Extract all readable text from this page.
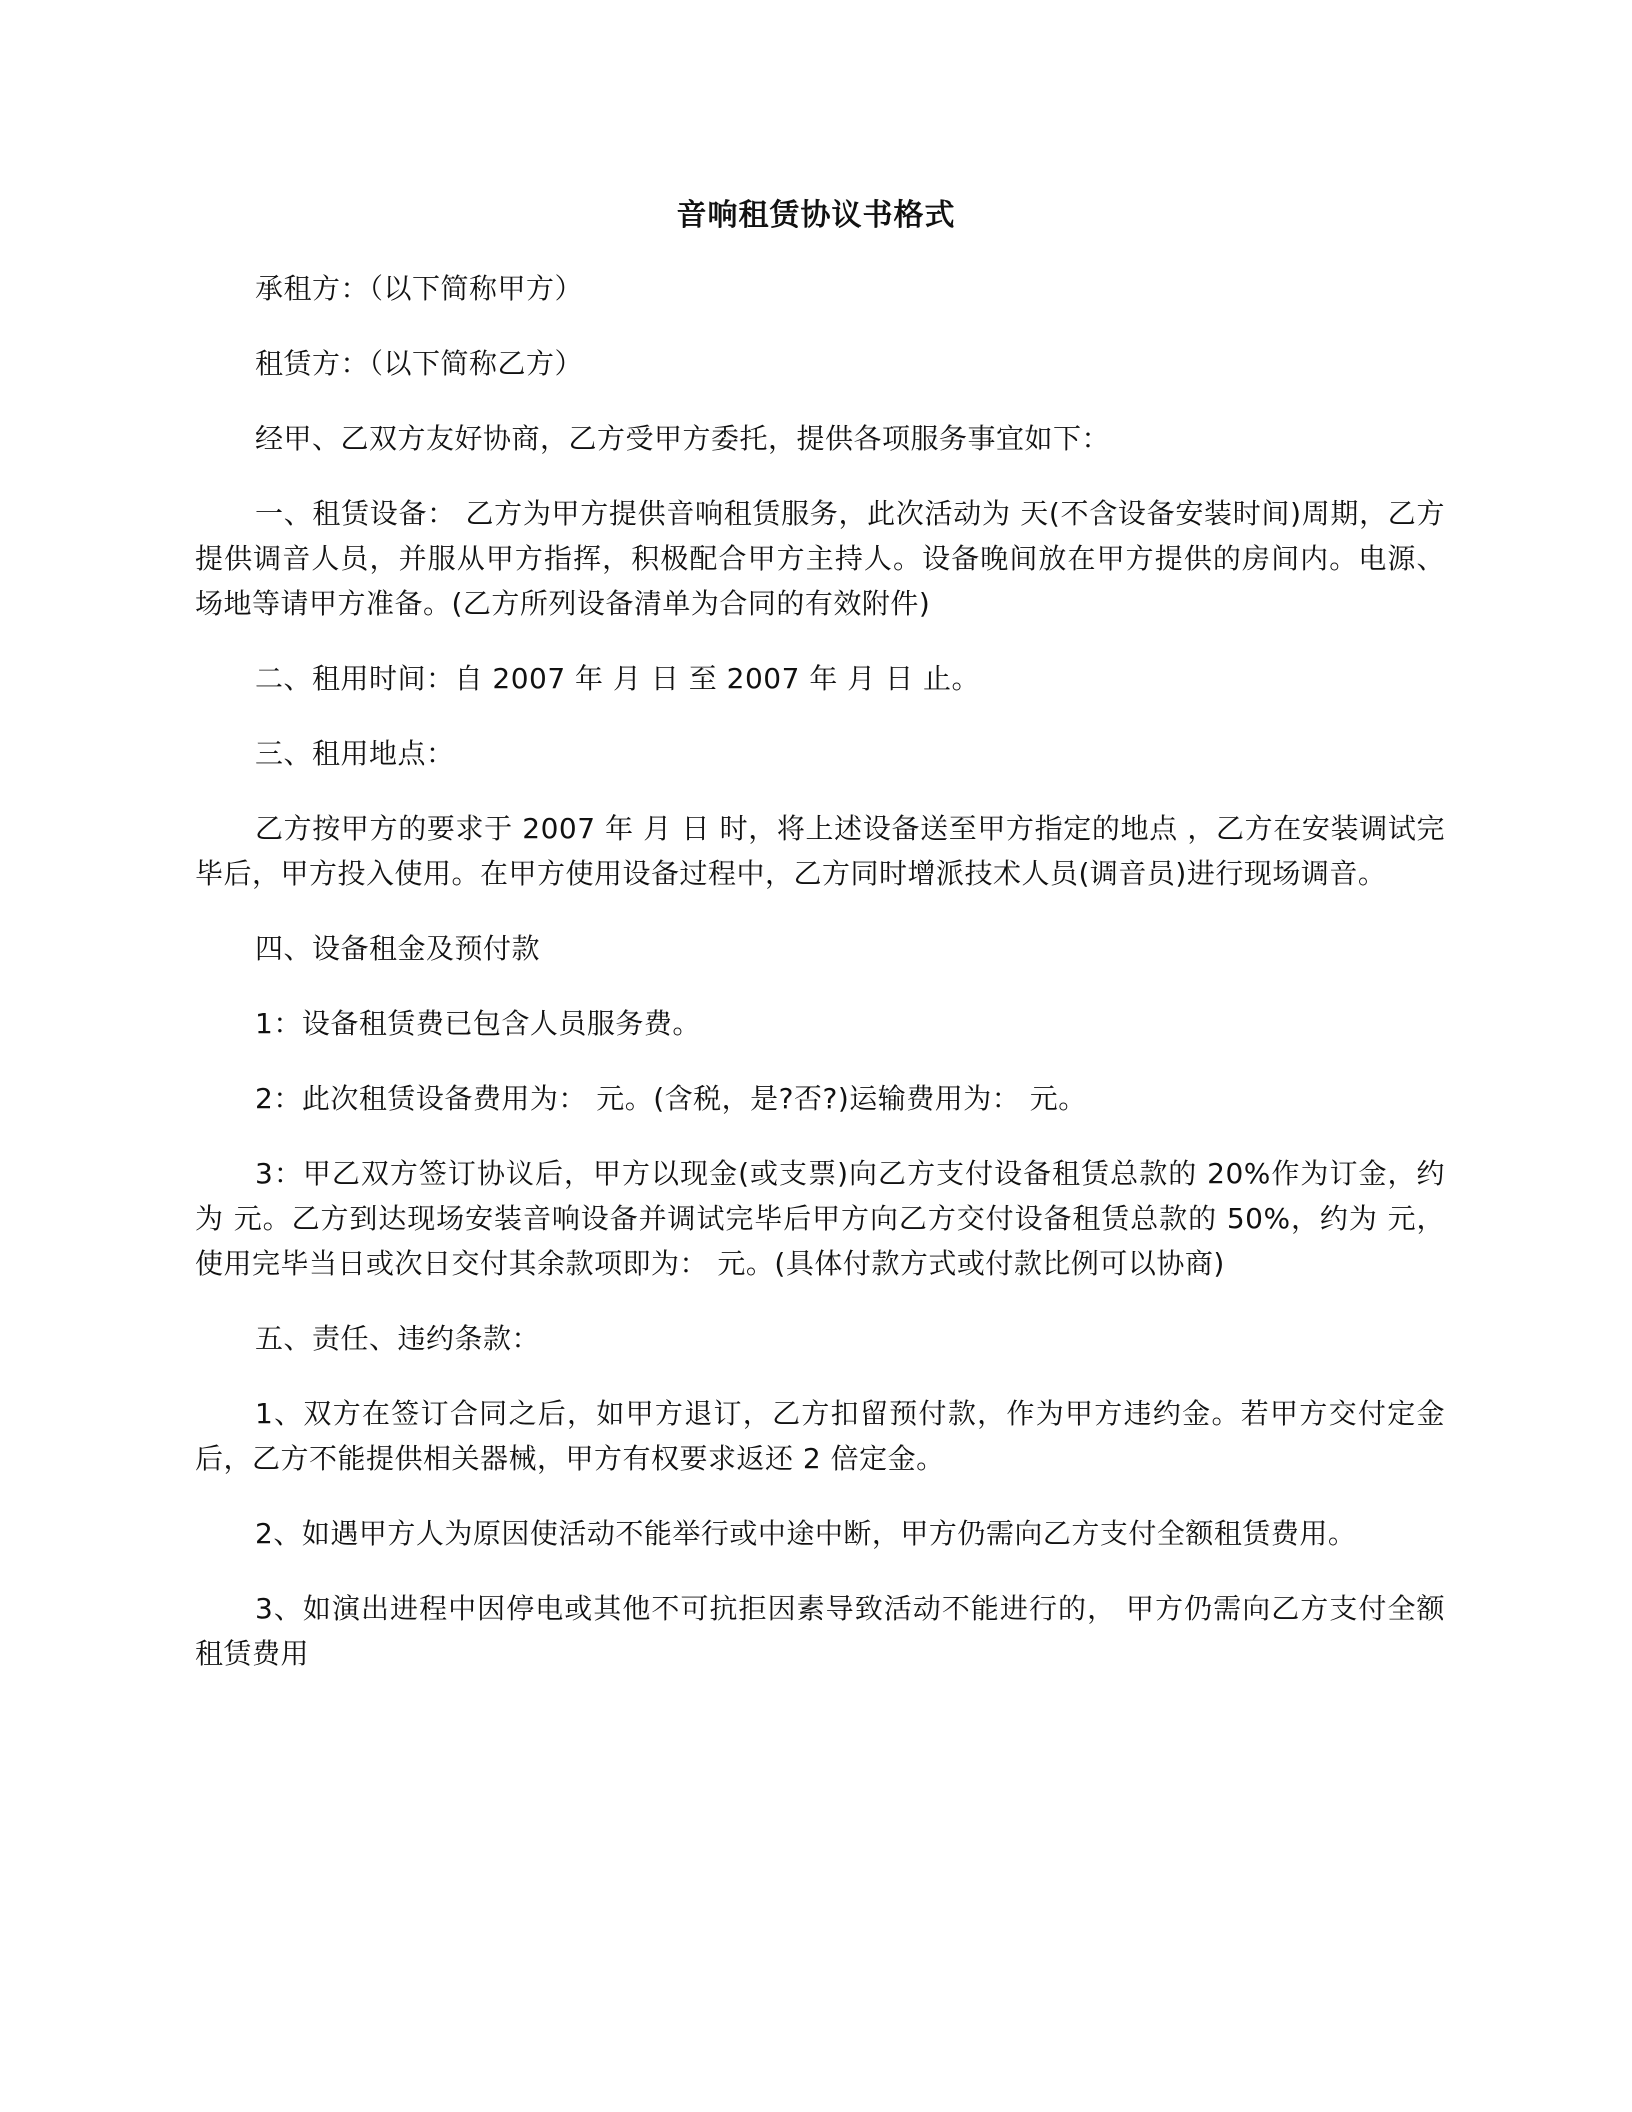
音响租赁协议书格式

承租方：（以下简称甲方）

租赁方：（以下简称乙方）

经甲、乙双方友好协商，乙方受甲方委托，提供各项服务事宜如下：

一、租赁设备： 乙方为甲方提供音响租赁服务，此次活动为 天(不含设备安装时间)周期，乙方提供调音人员，并服从甲方指挥，积极配合甲方主持人。设备晚间放在甲方提供的房间内。电源、场地等请甲方准备。(乙方所列设备清单为合同的有效附件)

二、租用时间：自 2007 年 月 日 至 2007 年 月 日 止。

三、租用地点：

乙方按甲方的要求于 2007 年 月 日 时，将上述设备送至甲方指定的地点 ，乙方在安装调试完毕后，甲方投入使用。在甲方使用设备过程中，乙方同时增派技术人员(调音员)进行现场调音。

四、设备租金及预付款

1：设备租赁费已包含人员服务费。

2：此次租赁设备费用为： 元。(含税，是?否?)运输费用为： 元。

3：甲乙双方签订协议后，甲方以现金(或支票)向乙方支付设备租赁总款的 20%作为订金，约为 元。乙方到达现场安装音响设备并调试完毕后甲方向乙方交付设备租赁总款的 50%，约为 元，使用完毕当日或次日交付其余款项即为： 元。(具体付款方式或付款比例可以协商)

五、责任、违约条款：

1、双方在签订合同之后，如甲方退订，乙方扣留预付款，作为甲方违约金。若甲方交付定金后，乙方不能提供相关器械，甲方有权要求返还 2 倍定金。

2、如遇甲方人为原因使活动不能举行或中途中断，甲方仍需向乙方支付全额租赁费用。

3、如演出进程中因停电或其他不可抗拒因素导致活动不能进行的， 甲方仍需向乙方支付全额租赁费用
